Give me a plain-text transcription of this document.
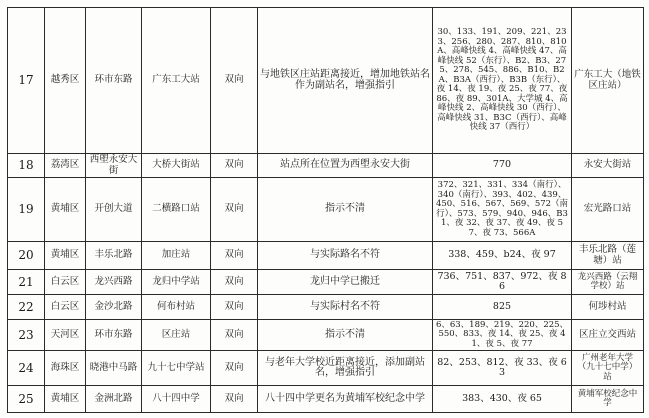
17	越秀区	环市东路	广东工大站	双向	与地铁区庄站距离接近，增加地铁站名作为副站名，增强指引	30、133、191、209、221、233、256、280、287、810、810A、高峰快线 4、高峰快线 47、高峰快线 52（东行）、B2、B3、275、278、545、886、B10、B2A、B3A（西行）、B3B（东行）、夜 14、夜 19、夜 25、夜 77、夜 86、夜 89、301A、大学城 4、高峰快线 2、高峰快线 30（西行）、高峰快线 31、B3C（西行）、高峰快线 37（西行）	广东工大（地铁区庄站）
18	荔湾区	西塱永安大街	大桥大街站	双向	站点所在位置为西塱永安大街	770	永安大街站
19	黄埔区	开创大道	二横路口站	双向	指示不清	372、321、331、334（南行）、340（南行）、393、402、439、450、516、567、569、572（南行）、573、579、940、946、B31、夜 32、夜 37、夜 49、夜 57、夜 73、566A	宏光路口站
20	黄埔区	丰乐北路	加庄站	双向	与实际路名不符	338、459、b24、夜 97	丰乐北路（莲塘）站
21	白云区	龙兴西路	龙归中学站	双向	龙归中学已搬迁	736、751、837、972、夜 86	龙兴西路（云翔学校）站
22	白云区	金沙北路	何布村站	双向	与实际村名不符	825	何埗村站
23	天河区	环市东路	区庄站	双向	指示不清	6、63、189、219、220、225、550、833、夜 14、夜 25、夜 41、夜 5、夜 77	区庄立交西站
24	海珠区	晓港中马路	九十七中学站	双向	与老年大学校近距离接近，添加副站名，增强指引	82、253、812、夜 33、夜 63	广州老年大学（九十七中学）站
25	黄埔区	金洲北路	八十四中学	双向	八十四中学更名为黄埔军校纪念中学	383、430、夜 65	黄埔军校纪念中学
